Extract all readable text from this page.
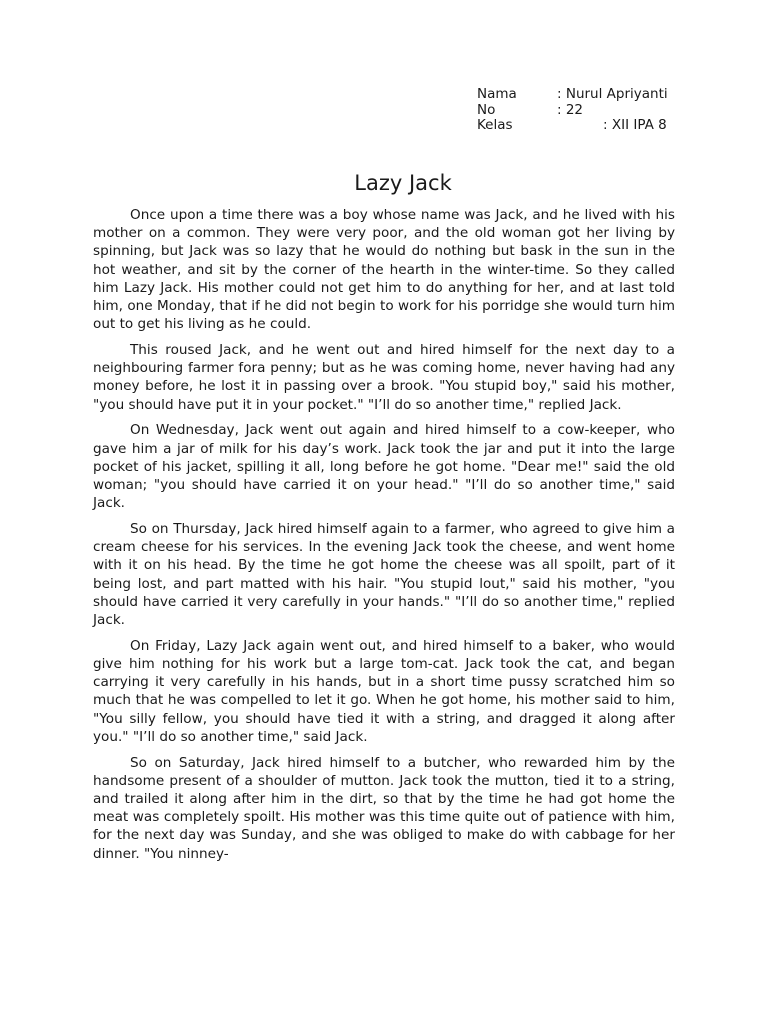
Nama	: Nurul Apriyanti
No	: 22
Kelas	: XII IPA 8
Lazy Jack

Once upon a time there was a boy whose name was Jack, and he lived with his mother on a common. They were very poor, and the old woman got her living by spinning, but Jack was so lazy that he would do nothing but bask in the sun in the hot weather, and sit by the corner of the hearth in the winter-time. So they called him Lazy Jack. His mother could not get him to do anything for her, and at last told him, one Monday, that if he did not begin to work for his porridge she would turn him out to get his living as he could.

This roused Jack, and he went out and hired himself for the next day to a neighbouring farmer fora penny; but as he was coming home, never having had any money before, he lost it in passing over a brook. "You stupid boy," said his mother, "you should have put it in your pocket." "I’ll do so another time," replied Jack.

On Wednesday, Jack went out again and hired himself to a cow-keeper, who gave him a jar of milk for his day’s work. Jack took the jar and put it into the large pocket of his jacket, spilling it all, long before he got home. "Dear me!" said the old woman; "you should have carried it on your head." "I’ll do so another time," said Jack.

So on Thursday, Jack hired himself again to a farmer, who agreed to give him a cream cheese for his services. In the evening Jack took the cheese, and went home with it on his head. By the time he got home the cheese was all spoilt, part of it being lost, and part matted with his hair. "You stupid lout," said his mother, "you should have carried it very carefully in your hands." "I’ll do so another time," replied Jack.

On Friday, Lazy Jack again went out, and hired himself to a baker, who would give him nothing for his work but a large tom-cat. Jack took the cat, and began carrying it very carefully in his hands, but in a short time pussy scratched him so much that he was compelled to let it go. When he got home, his mother said to him, "You silly fellow, you should have tied it with a string, and dragged it along after you." "I’ll do so another time," said Jack.

So on Saturday, Jack hired himself to a butcher, who rewarded him by the handsome present of a shoulder of mutton. Jack took the mutton, tied it to a string, and trailed it along after him in the dirt, so that by the time he had got home the meat was completely spoilt. His mother was this time quite out of patience with him, for the next day was Sunday, and she was obliged to make do with cabbage for her dinner. "You ninney-
